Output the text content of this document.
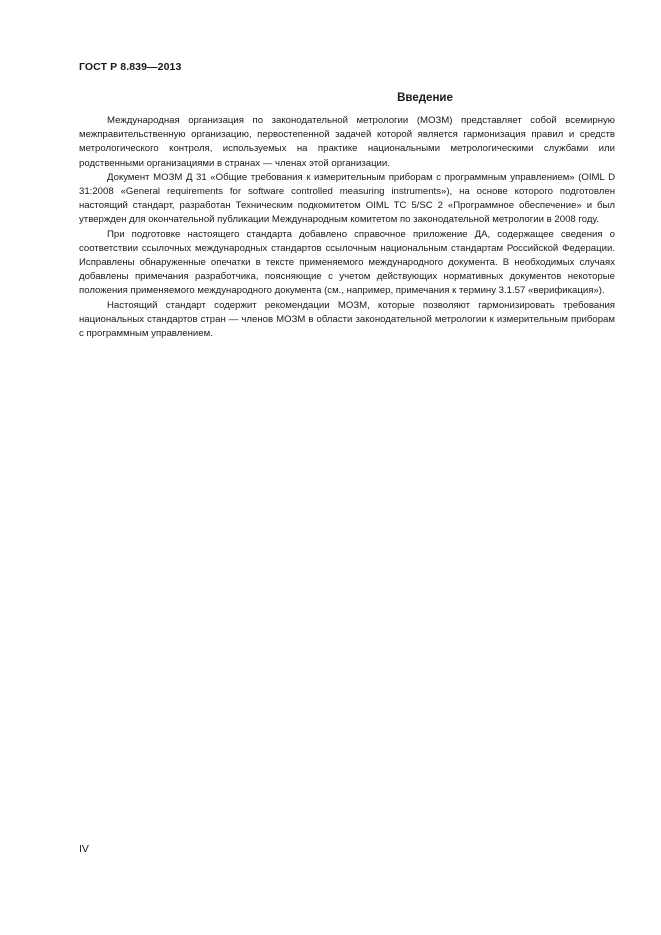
ГОСТ Р 8.839—2013
Введение

Международная организация по законодательной метрологии (МОЗМ) представляет собой всемирную межправительственную организацию, первостепенной задачей которой является гармонизация правил и средств метрологического контроля, используемых на практике национальными метрологическими службами или родственными организациями в странах — членах этой организации.

Документ МОЗМ Д 31 «Общие требования к измерительным приборам с программным управлением» (OIML D 31:2008 «General requirements for software controlled measuring instruments»), на основе которого подготовлен настоящий стандарт, разработан Техническим подкомитетом OIML TC 5/SC 2 «Программное обеспечение» и был утвержден для окончательной публикации Международным комитетом по законодательной метрологии в 2008 году.

При подготовке настоящего стандарта добавлено справочное приложение ДА, содержащее сведения о соответствии ссылочных международных стандартов ссылочным национальным стандартам Российской Федерации. Исправлены обнаруженные опечатки в тексте применяемого международного документа. В необходимых случаях добавлены примечания разработчика, поясняющие с учетом действующих нормативных документов некоторые положения применяемого международного документа (см., например, примечания к термину 3.1.57 «верификация»).

Настоящий стандарт содержит рекомендации МОЗМ, которые позволяют гармонизировать требования национальных стандартов стран — членов МОЗМ в области законодательной метрологии к измерительным приборам с программным управлением.

IV
